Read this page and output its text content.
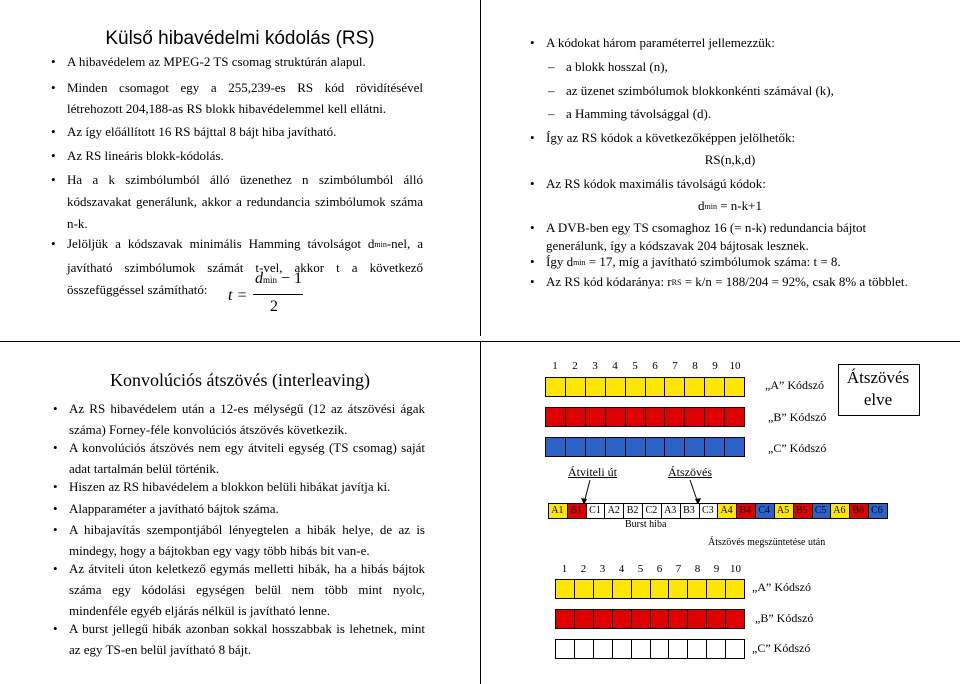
Külső hibavédelmi kódolás (RS)
• A hibavédelem az MPEG-2 TS csomag struktúrán alapul.
• Minden csomagot egy a 255,239-es RS kód rövidítésével létrehozott 204,188-as RS blokk hibavédelemmel kell ellátni.
• Az így előállított 16 RS bájttal 8 bájt hiba javítható.
• Az RS lineáris blokk-kódolás.
• Ha a k szimbólumból álló üzenethez n szimbólumból álló kódszavakat generálunk, akkor a redundancia szimbólumok száma n-k.
• Jelöljük a kódszavak minimális Hamming távolságot $d_{min}$-nel, a javítható szimbólumok számát t-vel, akkor t a következő összefüggéssel számítható:	t =
dmin − 1
2
• A kódokat három paraméterrel jellemezzük:
– a blokk hosszal (n),
– az üzenet szimbólumok blokkonkénti számával (k),
– a Hamming távolsággal (d).
• Így az RS kódok a következőképpen jelölhetők:
RS(n,k,d)
• Az RS kódok maximális távolságú kódok:
$d_{min} = n-k+1$
• A DVB-ben egy TS csomaghoz 16 (= n-k) redundancia bájtot generálunk, így a kódszavak 204 bájtosak lesznek.
• Így $d_{min} = 17$, míg a javítható szimbólumok száma: t = 8.
• Az RS kód kódaránya: $r_{RS} = k/n = 188/204 = 92\%$, csak 8% a többlet.
Konvolúciós átszövés (interleaving)
• Az RS hibavédelem után a 12-es mélységű (12 az átszövési ágak száma) Forney-féle konvolúciós átszövés következik.
• A konvolúciós átszövés nem egy átviteli egység (TS csomag) saját adat tartalmán belül történik.
• Hiszen az RS hibavédelem a blokkon belüli hibákat javítja ki.
• Alapparaméter a javítható bájtok száma.
• A hibajavítás szempontjából lényegtelen a hibák helye, de az is mindegy, hogy a bájtokban egy vagy több hibás bit van-e.
• Az átviteli úton keletkező egymás melletti hibák, ha a hibás bájtok száma egy kódolási egységen belül nem több mint nyolc, mindenféle egyéb eljárás nélkül is javítható lenne.
• A burst jellegű hibák azonban sokkal hosszabbak is lehetnek, mint az egy TS-en belül javítható 8 bájt.
1	2	3	4	5	6	7	8	9	10
„A” Kódszó
„B” Kódszó
„C” Kódszó
Átszövés elve
Átviteli út	Átszövés
A1 B1 C1 A2 B2 C2 A3 B3 C3 A4 B4 C4 A5 B5 C5 A6 B6 C6
Burst hiba
Átszövés megszüntetése után
1	2	3	4	5	6	7	8	9 10
„A” Kódszó
„B” Kódszó
„C” Kódszó
